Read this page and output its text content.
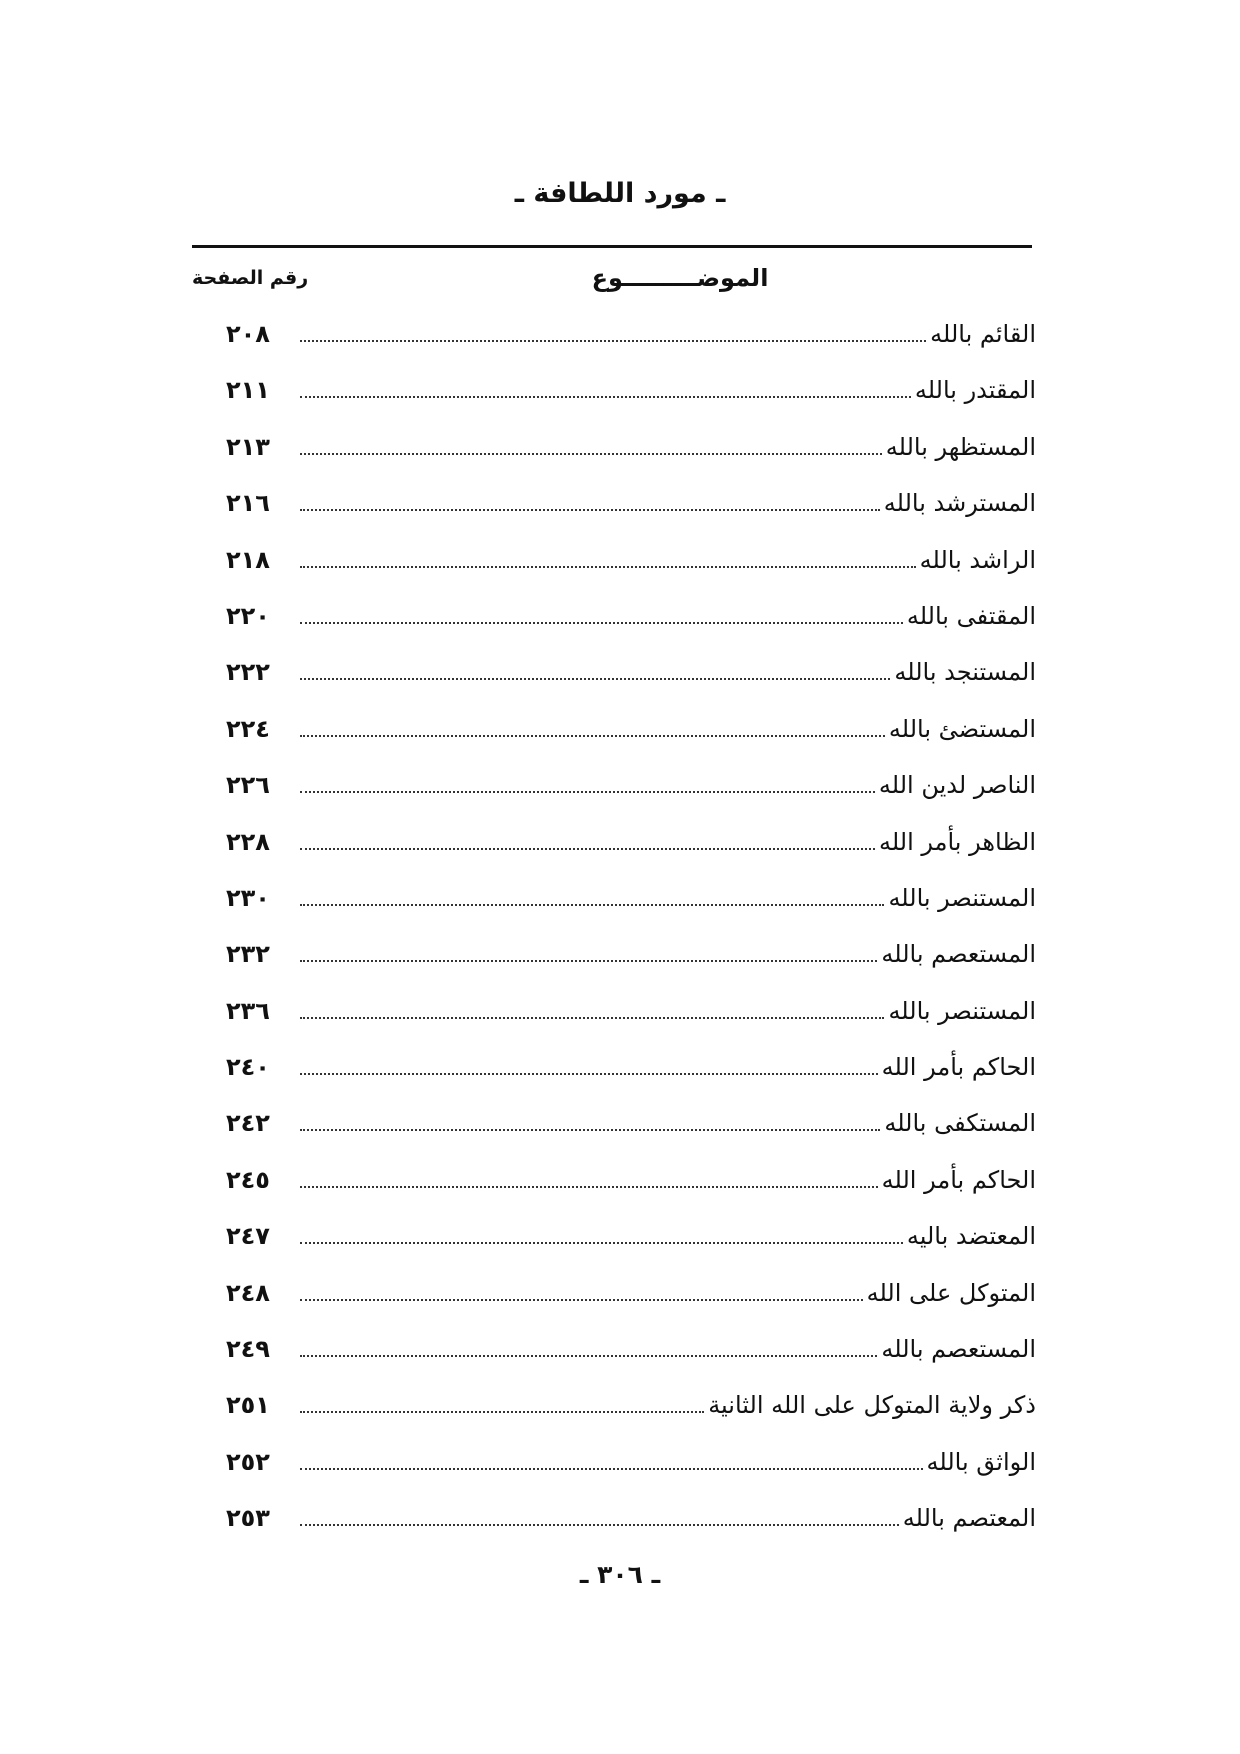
ـ مورد اللطافة ـ
الموضـــــــــوع
رقم الصفحة
القائم بالله
٢٠٨
المقتدر بالله
٢١١
المستظهر بالله
٢١٣
المسترشد بالله
٢١٦
الراشد بالله
٢١٨
المقتفى بالله
٢٢٠
المستنجد بالله
٢٢٢
المستضئ بالله
٢٢٤
الناصر لدين الله
٢٢٦
الظاهر بأمر الله
٢٢٨
المستنصر بالله
٢٣٠
المستعصم بالله
٢٣٢
المستنصر بالله
٢٣٦
الحاكم بأمر الله
٢٤٠
المستكفى بالله
٢٤٢
الحاكم بأمر الله
٢٤٥
المعتضد باليه
٢٤٧
المتوكل على الله
٢٤٨
المستعصم بالله
٢٤٩
ذكر ولاية المتوكل على الله الثانية
٢٥١
الواثق بالله
٢٥٢
المعتصم بالله
٢٥٣
ـ ٣٠٦ ـ
